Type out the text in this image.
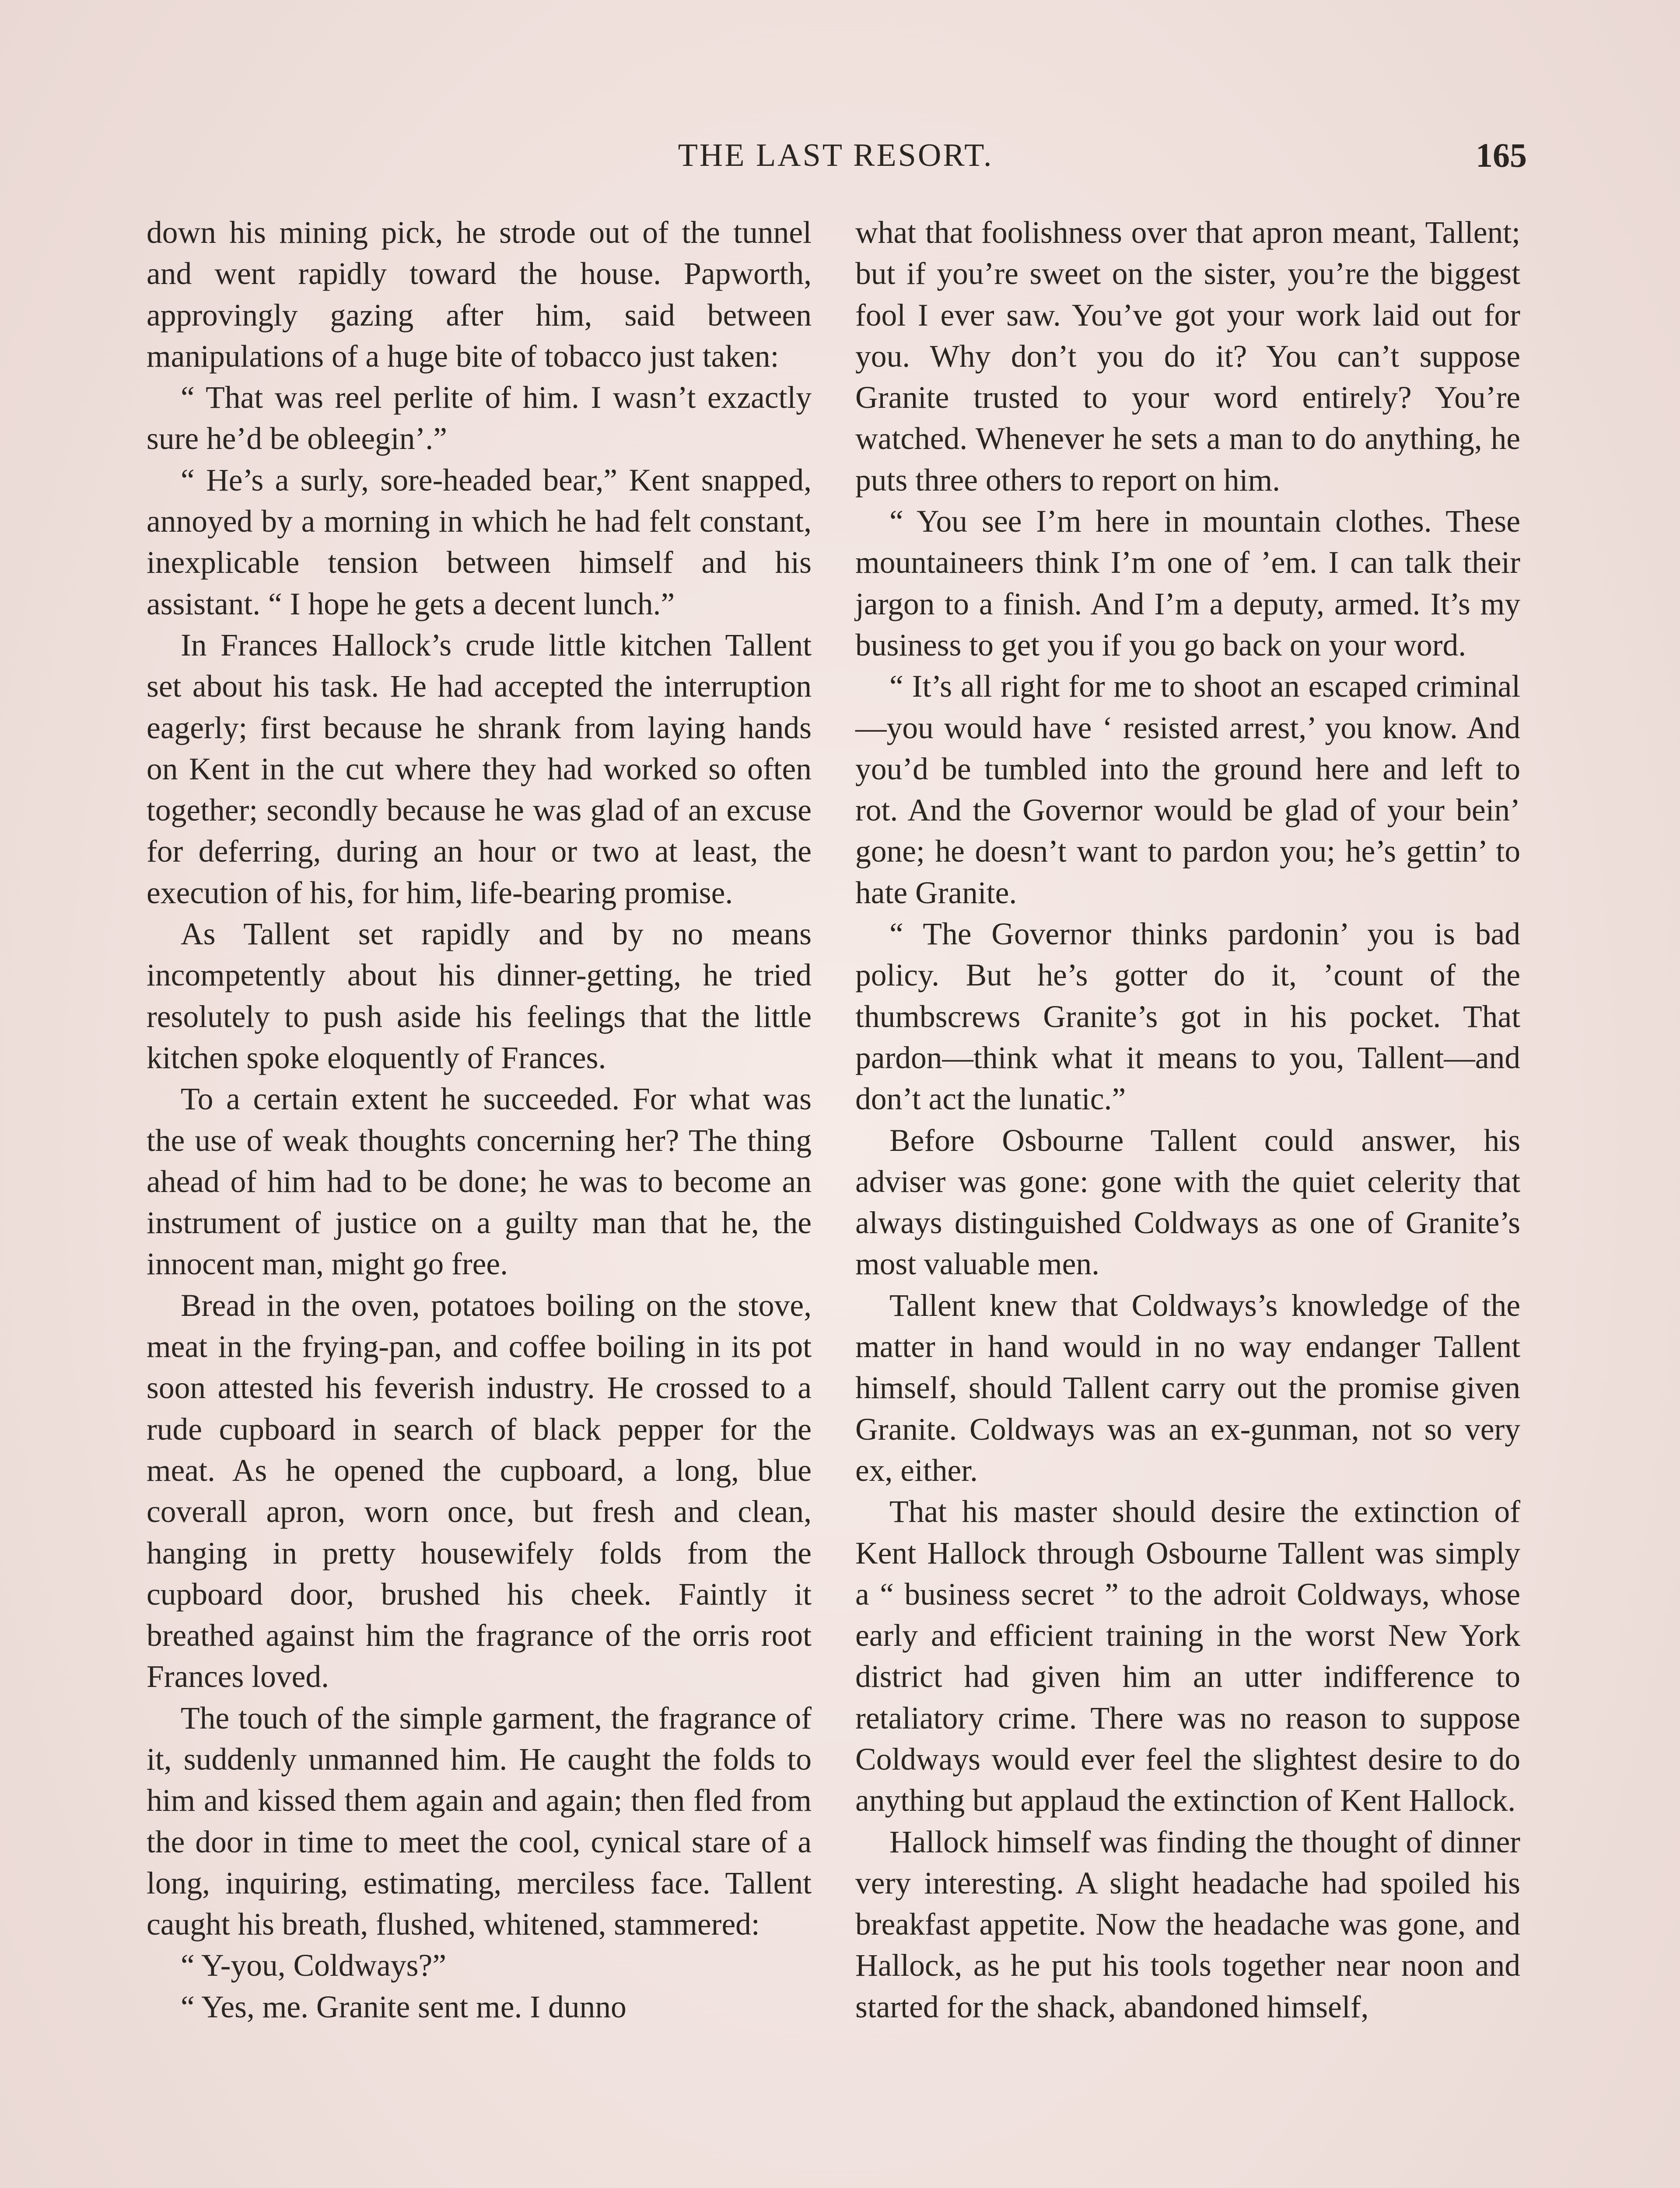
THE LAST RESORT.	165

down his mining pick, he strode out of the tunnel and went rapidly toward the house. Papworth, approvingly gazing after him, said between manipulations of a huge bite of tobacco just taken:

“ That was reel perlite of him. I wasn’t exzactly sure he’d be obleegin’.”

“ He’s a surly, sore-headed bear,” Kent snapped, annoyed by a morning in which he had felt constant, inexplicable tension between himself and his assistant. “ I hope he gets a decent lunch.”

In Frances Hallock’s crude little kitchen Tallent set about his task. He had accepted the interruption eagerly; first because he shrank from laying hands on Kent in the cut where they had worked so often together; secondly because he was glad of an excuse for deferring, during an hour or two at least, the execution of his, for him, life-bearing promise.

As Tallent set rapidly and by no means incompetently about his dinner-getting, he tried resolutely to push aside his feelings that the little kitchen spoke eloquently of Frances.

To a certain extent he succeeded. For what was the use of weak thoughts concerning her? The thing ahead of him had to be done; he was to become an instrument of justice on a guilty man that he, the innocent man, might go free.

Bread in the oven, potatoes boiling on the stove, meat in the frying-pan, and coffee boiling in its pot soon attested his feverish industry. He crossed to a rude cupboard in search of black pepper for the meat. As he opened the cupboard, a long, blue coverall apron, worn once, but fresh and clean, hanging in pretty housewifely folds from the cupboard door, brushed his cheek. Faintly it breathed against him the fragrance of the orris root Frances loved.

The touch of the simple garment, the fragrance of it, suddenly unmanned him. He caught the folds to him and kissed them again and again; then fled from the door in time to meet the cool, cynical stare of a long, inquiring, estimating, merciless face. Tallent caught his breath, flushed, whitened, stammered:

“ Y-you, Coldways?”

“ Yes, me. Granite sent me. I dunno

what that foolishness over that apron meant, Tallent; but if you’re sweet on the sister, you’re the biggest fool I ever saw. You’ve got your work laid out for you. Why don’t you do it? You can’t suppose Granite trusted to your word entirely? You’re watched. Whenever he sets a man to do anything, he puts three others to report on him.

“ You see I’m here in mountain clothes. These mountaineers think I’m one of ’em. I can talk their jargon to a finish. And I’m a deputy, armed. It’s my business to get you if you go back on your word.

“ It’s all right for me to shoot an escaped criminal—you would have ‘ resisted arrest,’ you know. And you’d be tumbled into the ground here and left to rot. And the Governor would be glad of your bein’ gone; he doesn’t want to pardon you; he’s gettin’ to hate Granite.

“ The Governor thinks pardonin’ you is bad policy. But he’s gotter do it, ’count of the thumbscrews Granite’s got in his pocket. That pardon—think what it means to you, Tallent—and don’t act the lunatic.”

Before Osbourne Tallent could answer, his adviser was gone: gone with the quiet celerity that always distinguished Coldways as one of Granite’s most valuable men.

Tallent knew that Coldways’s knowledge of the matter in hand would in no way endanger Tallent himself, should Tallent carry out the promise given Granite. Coldways was an ex-gunman, not so very ex, either.

That his master should desire the extinction of Kent Hallock through Osbourne Tallent was simply a “ business secret ” to the adroit Coldways, whose early and efficient training in the worst New York district had given him an utter indifference to retaliatory crime. There was no reason to suppose Coldways would ever feel the slightest desire to do anything but applaud the extinction of Kent Hallock.

Hallock himself was finding the thought of dinner very interesting. A slight headache had spoiled his breakfast appetite. Now the headache was gone, and Hallock, as he put his tools together near noon and started for the shack, abandoned himself,
